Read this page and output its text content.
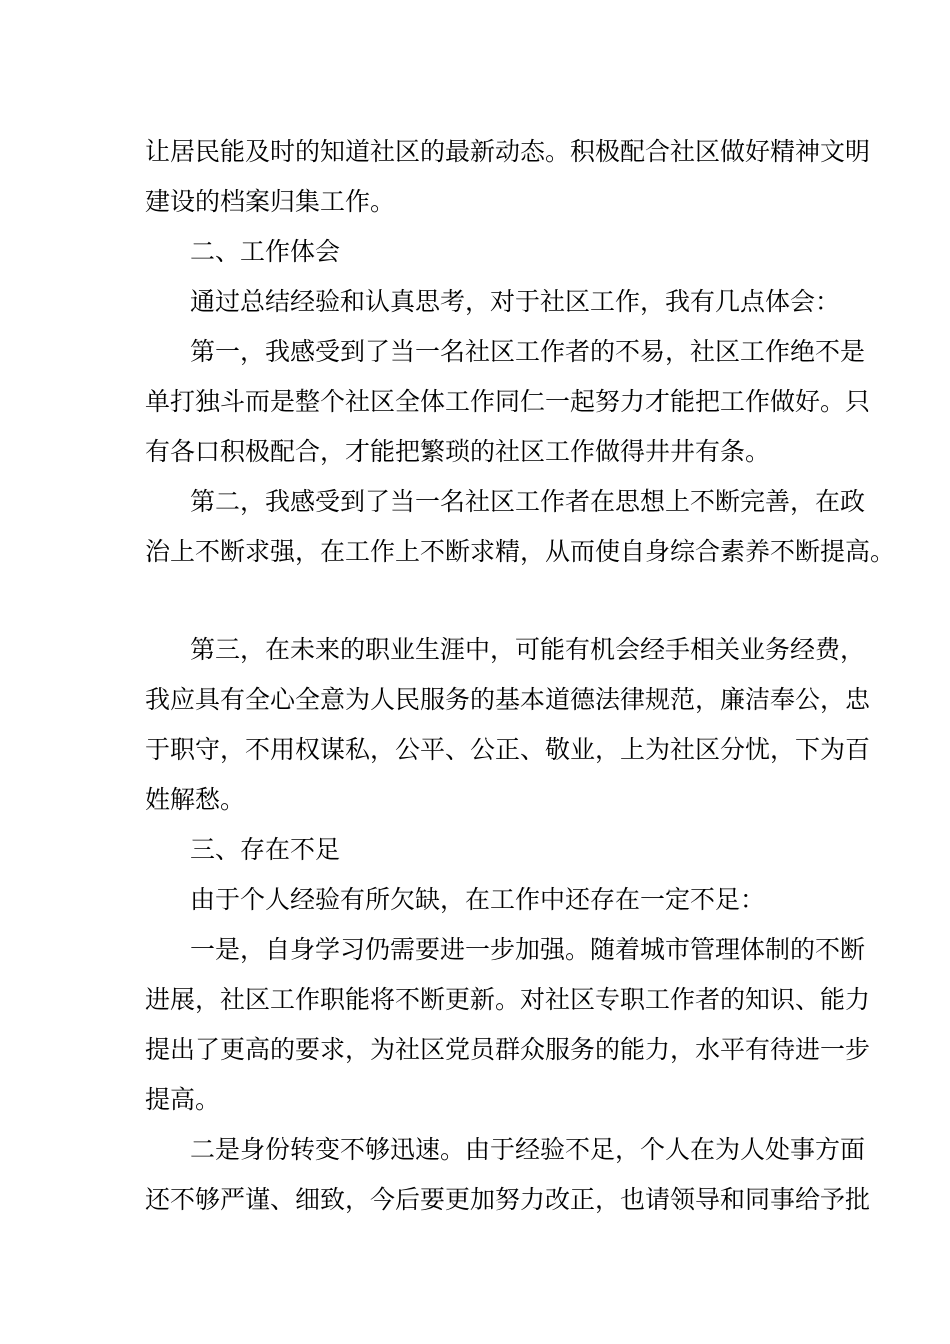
让居民能及时的知道社区的最新动态。积极配合社区做好精神文明

建设的档案归集工作。

二、工作体会

通过总结经验和认真思考，对于社区工作，我有几点体会：

第一，我感受到了当一名社区工作者的不易，社区工作绝不是

单打独斗而是整个社区全体工作同仁一起努力才能把工作做好。只

有各口积极配合，才能把繁琐的社区工作做得井井有条。

第二，我感受到了当一名社区工作者在思想上不断完善，在政

治上不断求强，在工作上不断求精，从而使自身综合素养不断提高。

第三，在未来的职业生涯中，可能有机会经手相关业务经费，

我应具有全心全意为人民服务的基本道德法律规范，廉洁奉公，忠

于职守，不用权谋私，公平、公正、敬业，上为社区分忧，下为百

姓解愁。

三、存在不足

由于个人经验有所欠缺，在工作中还存在一定不足：

一是，自身学习仍需要进一步加强。随着城市管理体制的不断

进展，社区工作职能将不断更新。对社区专职工作者的知识、能力

提出了更高的要求，为社区党员群众服务的能力，水平有待进一步

提高。

二是身份转变不够迅速。由于经验不足，个人在为人处事方面

还不够严谨、细致，今后要更加努力改正，也请领导和同事给予批
